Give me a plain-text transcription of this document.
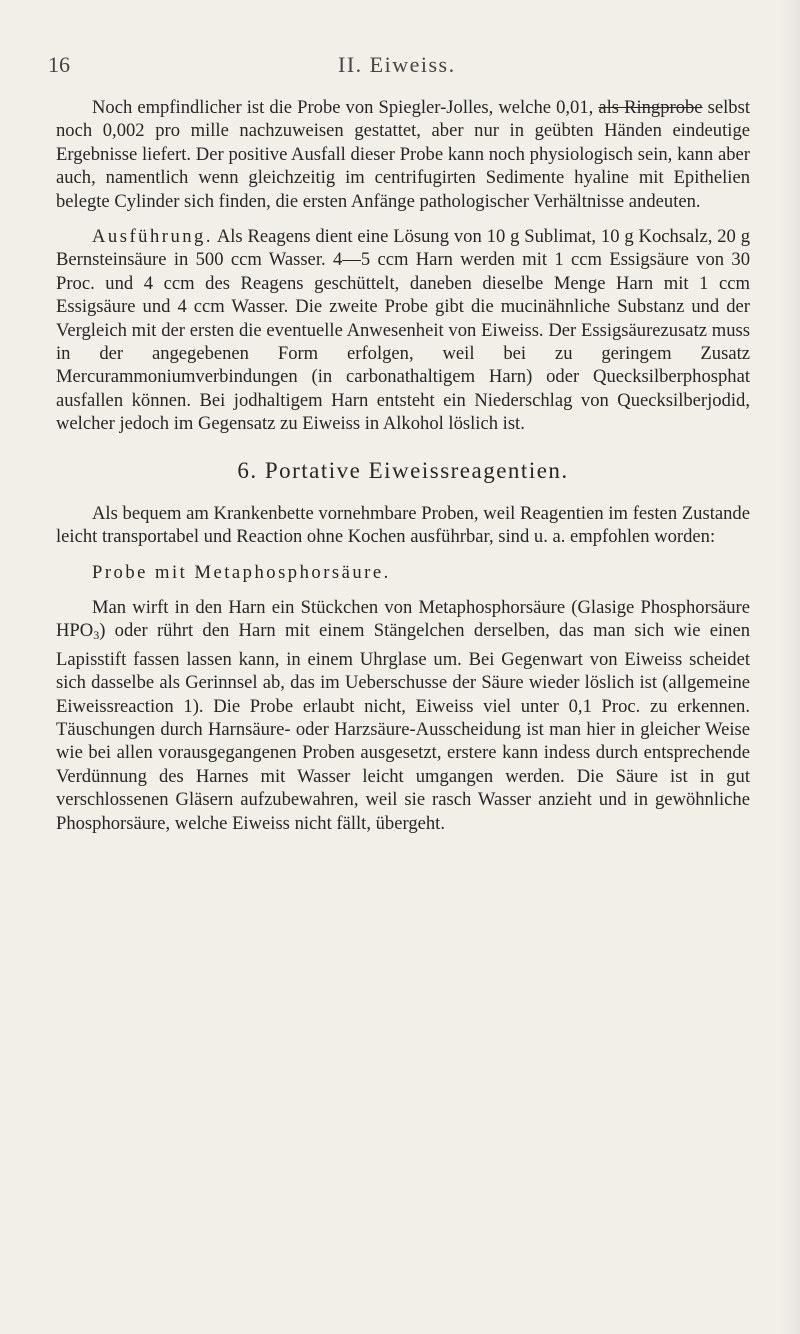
16	II. Eiweiss.

Noch empfindlicher ist die Probe von Spiegler-Jolles, welche 0,01, als Ringprobe selbst noch 0,002 pro mille nachzuweisen gestattet, aber nur in geübten Händen eindeutige Ergebnisse liefert. Der positive Ausfall dieser Probe kann noch physiologisch sein, kann aber auch, namentlich wenn gleichzeitig im centrifugirten Sedimente hyaline mit Epithelien belegte Cylinder sich finden, die ersten Anfänge pathologischer Verhältnisse andeuten.

Ausführung. Als Reagens dient eine Lösung von 10 g Sublimat, 10 g Kochsalz, 20 g Bernsteinsäure in 500 ccm Wasser. 4—5 ccm Harn werden mit 1 ccm Essigsäure von 30 Proc. und 4 ccm des Reagens geschüttelt, daneben dieselbe Menge Harn mit 1 ccm Essigsäure und 4 ccm Wasser. Die zweite Probe gibt die mucinähnliche Substanz und der Vergleich mit der ersten die eventuelle Anwesenheit von Eiweiss. Der Essigsäurezusatz muss in der angegebenen Form erfolgen, weil bei zu geringem Zusatz Mercurammoniumverbindungen (in carbonathaltigem Harn) oder Quecksilberphosphat ausfallen können. Bei jodhaltigem Harn entsteht ein Niederschlag von Quecksilberjodid, welcher jedoch im Gegensatz zu Eiweiss in Alkohol löslich ist.

6. Portative Eiweissreagentien.

Als bequem am Krankenbette vornehmbare Proben, weil Reagentien im festen Zustande leicht transportabel und Reaction ohne Kochen ausführbar, sind u. a. empfohlen worden:

Probe mit Metaphosphorsäure.

Man wirft in den Harn ein Stückchen von Metaphosphorsäure (Glasige Phosphorsäure $HPO_3$) oder rührt den Harn mit einem Stängelchen derselben, das man sich wie einen Lapisstift fassen lassen kann, in einem Uhrglase um. Bei Gegenwart von Eiweiss scheidet sich dasselbe als Gerinnsel ab, das im Ueberschusse der Säure wieder löslich ist (allgemeine Eiweissreaction 1). Die Probe erlaubt nicht, Eiweiss viel unter 0,1 Proc. zu erkennen. Täuschungen durch Harnsäure- oder Harzsäure-Ausscheidung ist man hier in gleicher Weise wie bei allen vorausgegangenen Proben ausgesetzt, erstere kann indess durch entsprechende Verdünnung des Harnes mit Wasser leicht umgangen werden. Die Säure ist in gut verschlossenen Gläsern aufzubewahren, weil sie rasch Wasser anzieht und in gewöhnliche Phosphorsäure, welche Eiweiss nicht fällt, übergeht.
